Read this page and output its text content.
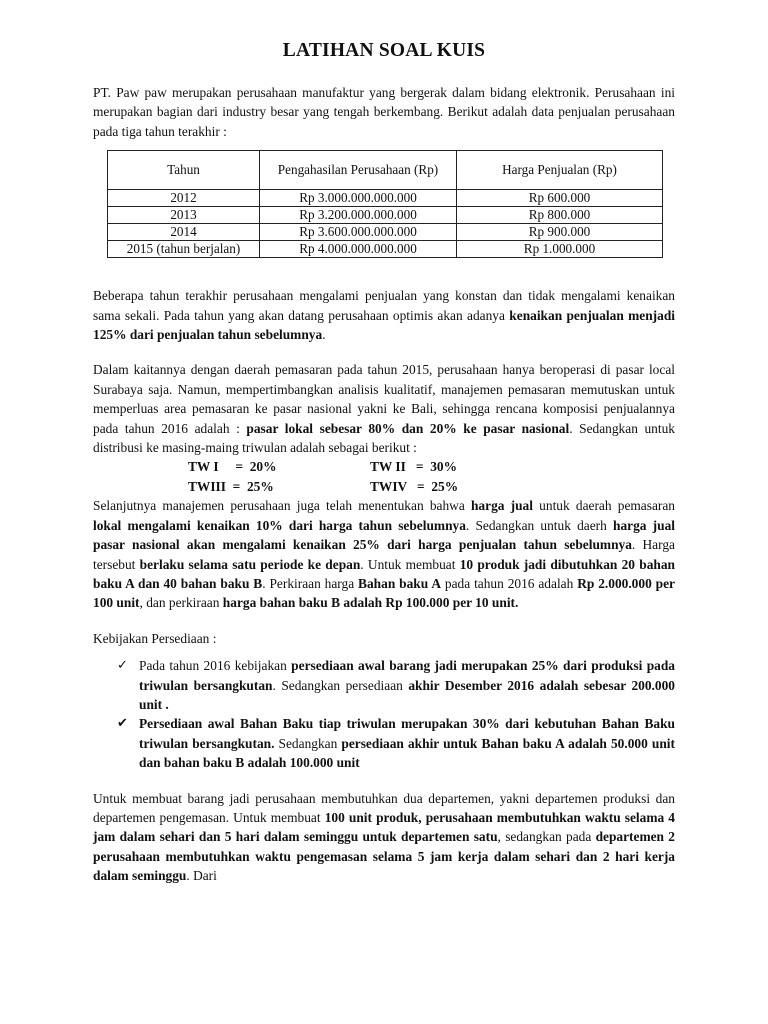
LATIHAN SOAL KUIS

PT. Paw paw merupakan perusahaan manufaktur yang bergerak dalam bidang elektronik. Perusahaan ini merupakan bagian dari industry besar yang tengah berkembang. Berikut adalah data penjualan perusahaan pada tiga tahun terakhir :

Tahun	Pengahasilan Perusahaan (Rp)	Harga Penjualan (Rp)
2012	Rp 3.000.000.000.000	Rp 600.000
2013	Rp 3.200.000.000.000	Rp 800.000
2014	Rp 3.600.000.000.000	Rp 900.000
2015 (tahun berjalan)	Rp 4.000.000.000.000	Rp 1.000.000

Beberapa tahun terakhir perusahaan mengalami penjualan yang konstan dan tidak mengalami kenaikan sama sekali. Pada tahun yang akan datang perusahaan optimis akan adanya kenaikan penjualan menjadi 125% dari penjualan tahun sebelumnya.

Dalam kaitannya dengan daerah pemasaran pada tahun 2015, perusahaan hanya beroperasi di pasar local Surabaya saja. Namun, mempertimbangkan analisis kualitatif, manajemen pemasaran memutuskan untuk memperluas area pemasaran ke pasar nasional yakni ke Bali, sehingga rencana komposisi penjualannya pada tahun 2016 adalah : pasar lokal sebesar 80% dan 20% ke pasar nasional. Sedangkan untuk distribusi ke masing-maing triwulan adalah sebagai berikut :

TW I     =  20%	TW II   =  30%
TWIII  =  25%	TWIV   =  25%

Selanjutnya manajemen perusahaan juga telah menentukan bahwa harga jual untuk daerah pemasaran lokal mengalami kenaikan 10% dari harga tahun sebelumnya. Sedangkan untuk daerh harga jual pasar nasional akan mengalami kenaikan 25% dari harga penjualan tahun sebelumnya. Harga tersebut berlaku selama satu periode ke depan. Untuk membuat 10 produk jadi dibutuhkan 20 bahan baku A dan 40 bahan baku B. Perkiraan harga Bahan baku A pada tahun 2016 adalah Rp 2.000.000 per 100 unit, dan perkiraan harga bahan baku B adalah Rp 100.000 per 10 unit.

Kebijakan Persediaan :

✓ Pada tahun 2016 kebijakan persediaan awal barang jadi merupakan 25% dari produksi pada triwulan bersangkutan. Sedangkan persediaan akhir Desember 2016 adalah sebesar 200.000 unit .
✔ Persediaan awal Bahan Baku tiap triwulan merupakan 30% dari kebutuhan Bahan Baku triwulan bersangkutan. Sedangkan persediaan akhir untuk Bahan baku A adalah 50.000 unit dan bahan baku B adalah 100.000 unit

Untuk membuat barang jadi perusahaan membutuhkan dua departemen, yakni departemen produksi dan departemen pengemasan. Untuk membuat 100 unit produk, perusahaan membutuhkan waktu selama 4 jam dalam sehari dan 5 hari dalam seminggu untuk departemen satu, sedangkan pada departemen 2 perusahaan membutuhkan waktu pengemasan selama 5 jam kerja dalam sehari dan 2 hari kerja dalam seminggu. Dari
